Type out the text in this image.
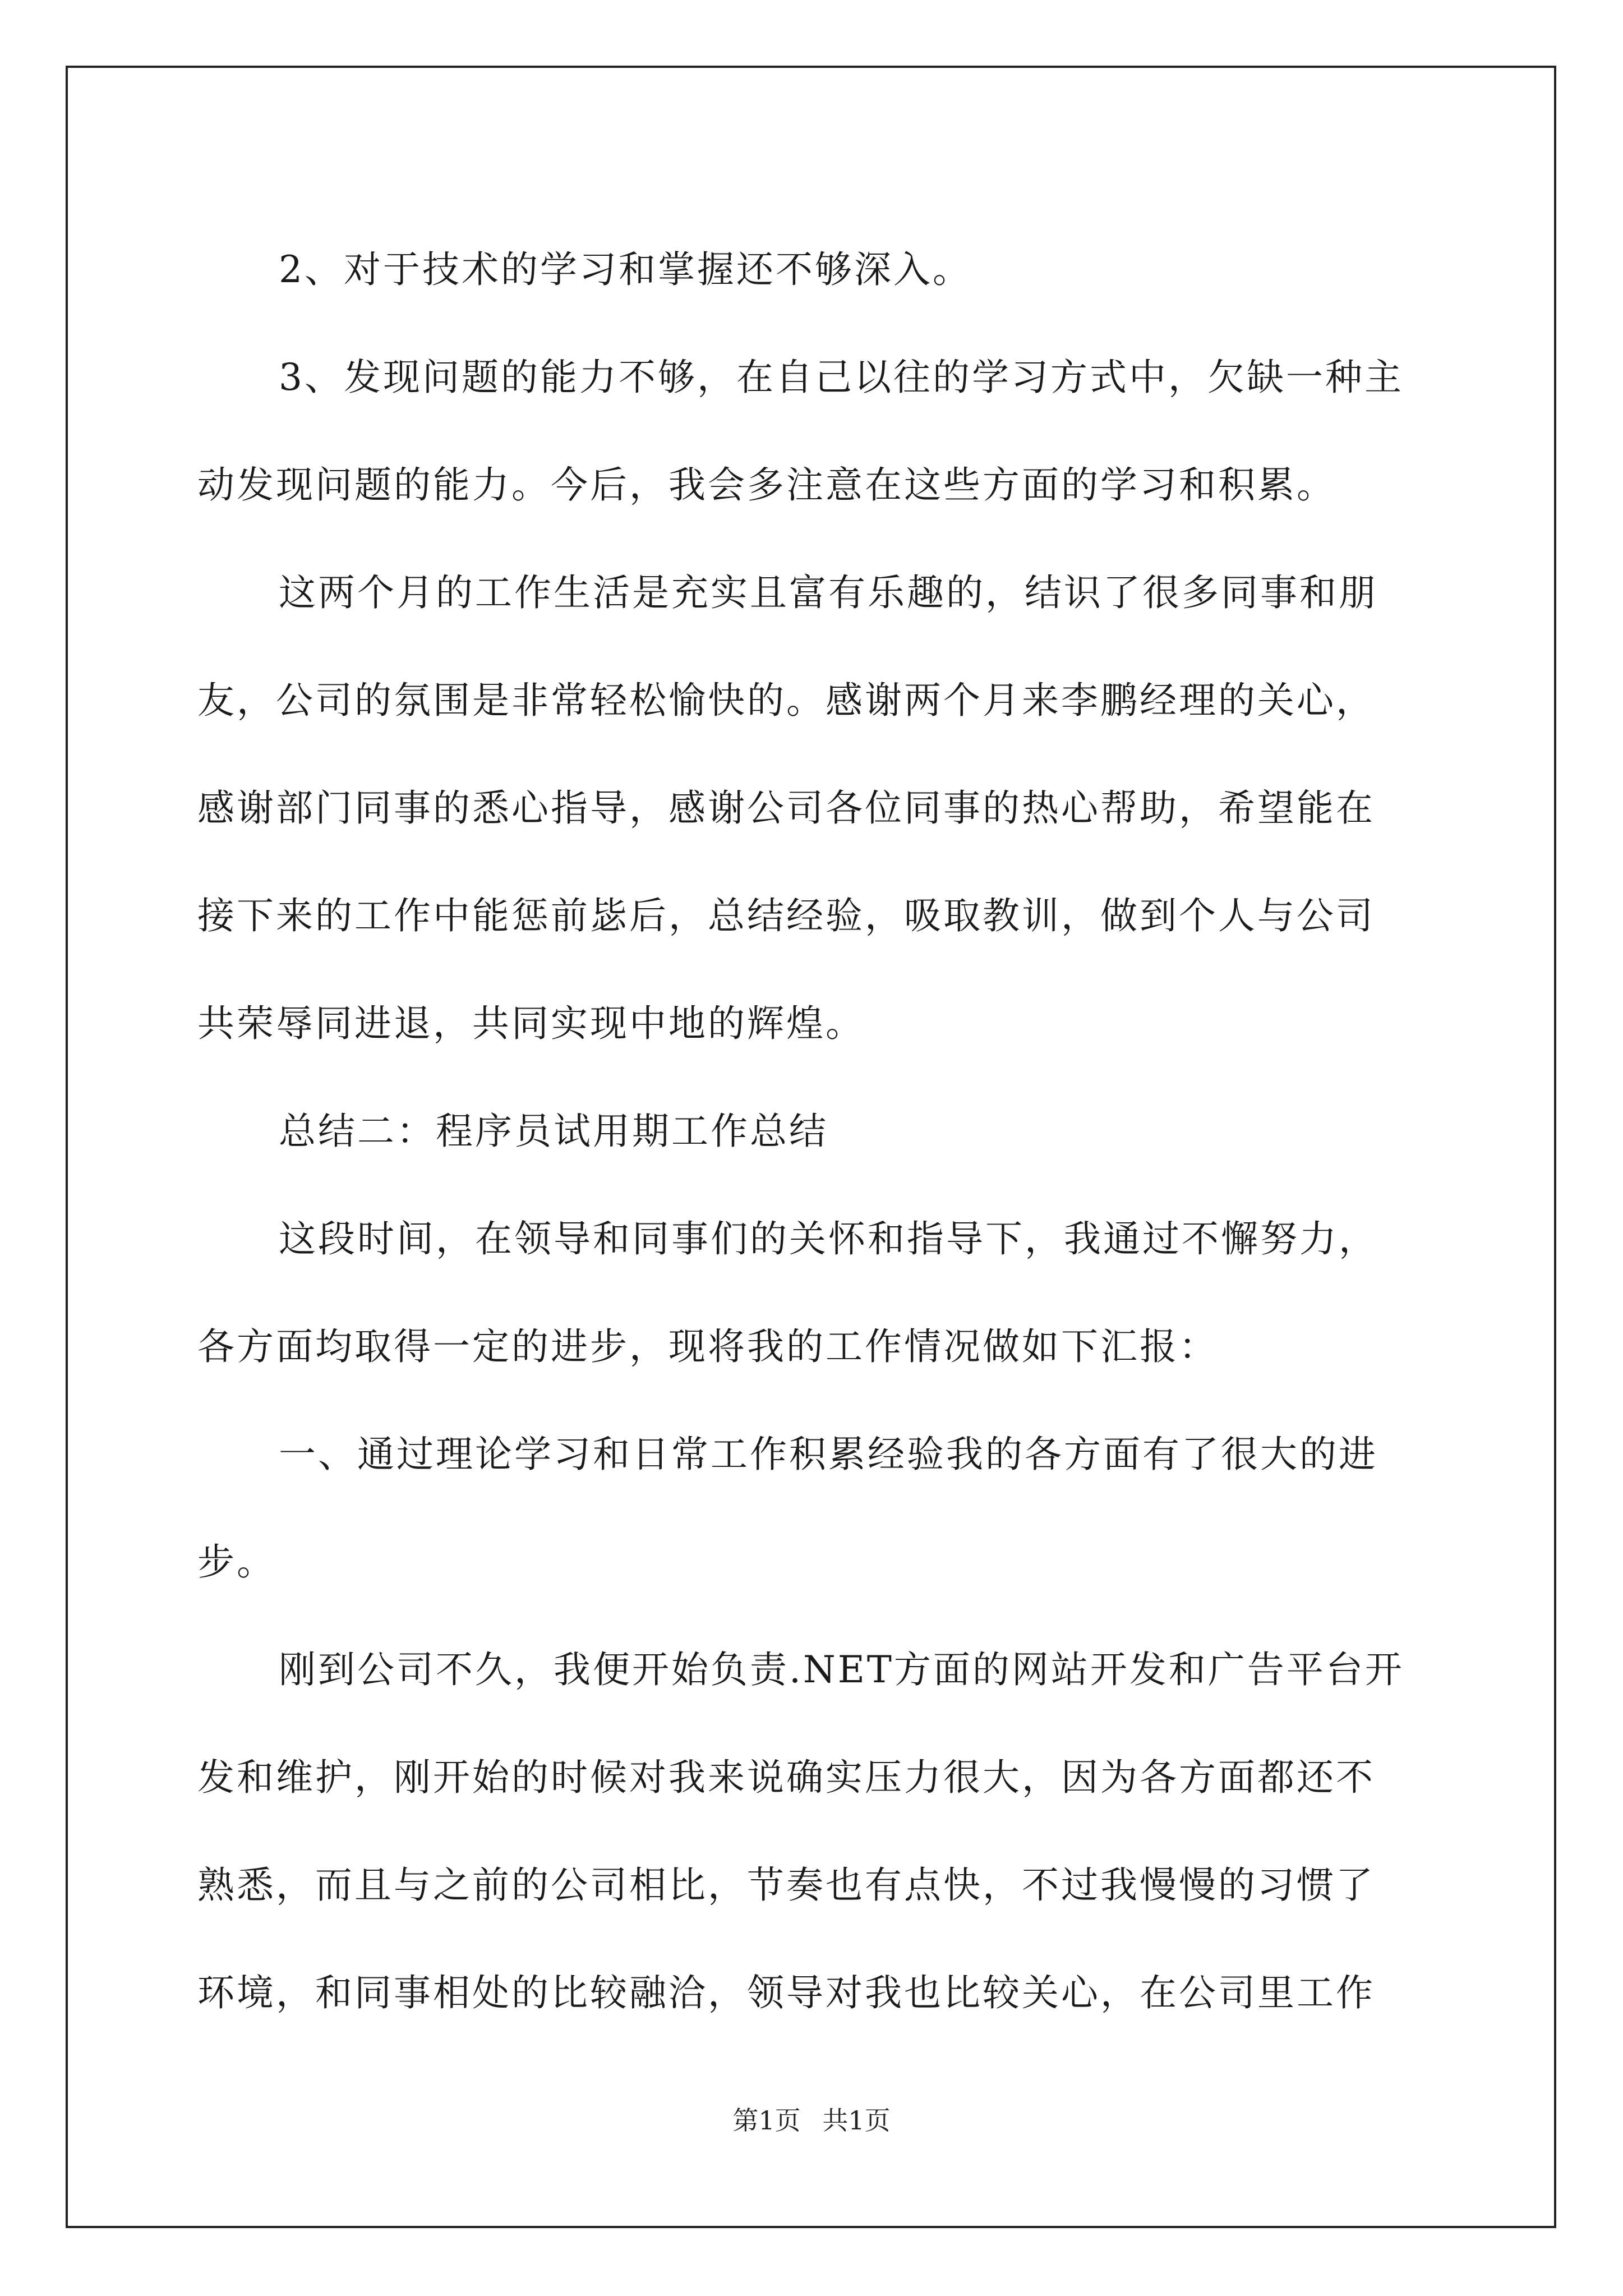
2、对于技术的学习和掌握还不够深入。
3、发现问题的能力不够，在自己以往的学习方式中，欠缺一种主
动发现问题的能力。今后，我会多注意在这些方面的学习和积累。
这两个月的工作生活是充实且富有乐趣的，结识了很多同事和朋
友，公司的氛围是非常轻松愉快的。感谢两个月来李鹏经理的关心，
感谢部门同事的悉心指导，感谢公司各位同事的热心帮助，希望能在
接下来的工作中能惩前毖后，总结经验，吸取教训，做到个人与公司
共荣辱同进退，共同实现中地的辉煌。
总结二：程序员试用期工作总结
这段时间，在领导和同事们的关怀和指导下，我通过不懈努力，
各方面均取得一定的进步，现将我的工作情况做如下汇报：
一、通过理论学习和日常工作积累经验我的各方面有了很大的进
步。
刚到公司不久，我便开始负责.NET方面的网站开发和广告平台开
发和维护，刚开始的时候对我来说确实压力很大，因为各方面都还不
熟悉，而且与之前的公司相比，节奏也有点快，不过我慢慢的习惯了
环境，和同事相处的比较融洽，领导对我也比较关心，在公司里工作
第1页 共1页
